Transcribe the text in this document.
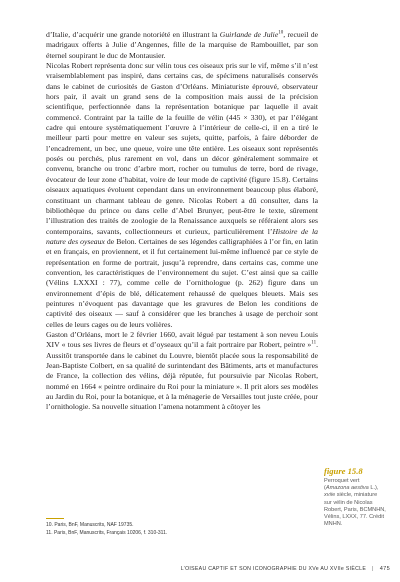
d’Italie, d’acquérir une grande notoriété en illustrant la Guirlande de Julie$^{10}$, recueil de madrigaux offerts à Julie d’Angennes, fille de la marquise de Rambouillet, par son éternel soupirant le duc de Montausier.

Nicolas Robert représenta donc sur vélin tous ces oiseaux pris sur le vif, même s’il n’est vraisemblablement pas inspiré, dans certains cas, de spécimens naturalisés conservés dans le cabinet de curiosités de Gaston d’Orléans. Miniaturiste éprouvé, observateur hors pair, il avait un grand sens de la composition mais aussi de la précision scientifique, perfectionnée dans la représentation botanique par laquelle il avait commencé. Contraint par la taille de la feuille de vélin (445 × 330), et par l’élégant cadre qui entoure systématiquement l’œuvre à l’intérieur de celle-ci, il en a tiré le meilleur parti pour mettre en valeur ses sujets, quitte, parfois, à faire déborder de l’encadrement, un bec, une queue, voire une tête entière. Les oiseaux sont représentés posés ou perchés, plus rarement en vol, dans un décor généralement sommaire et convenu, branche ou tronc d’arbre mort, rocher ou tumulus de terre, bord de rivage, évocateur de leur zone d’habitat, voire de leur mode de captivité (figure 15.8). Certains oiseaux aquatiques évoluent cependant dans un environnement beaucoup plus élaboré, constituant un charmant tableau de genre. Nicolas Robert a dû consulter, dans la bibliothèque du prince ou dans celle d’Abel Brunyer, peut-être le texte, sûrement l’illustration des traités de zoologie de la Renaissance auxquels se référaient alors ses contemporains, savants, collectionneurs et curieux, particulièrement l’Histoire de la nature des oyseaux de Belon. Certaines de ses légendes calligraphiées à l’or fin, en latin et en français, en proviennent, et il fut certainement lui-même influencé par ce style de représentation en forme de portrait, jusqu’à reprendre, dans certains cas, comme une convention, les caractéristiques de l’environnement du sujet. C’est ainsi que sa caille (Vélins LXXXI : 77), comme celle de l’ornithologue (p. 262) figure dans un environnement d’épis de blé, délicatement rehaussé de quelques bleuets. Mais ses peintures n’évoquent pas davantage que les gravures de Belon les conditions de captivité des oiseaux — sauf à considérer que les branches à usage de perchoir sont celles de leurs cages ou de leurs volières.

Gaston d’Orléans, mort le 2 février 1660, avait légué par testament à son neveu Louis XIV « tous ses livres de fleurs et d’oyseaux qu’il a fait portraire par Robert, peintre »$^{11}$. Aussitôt transportée dans le cabinet du Louvre, bientôt placée sous la responsabilité de Jean-Baptiste Colbert, en sa qualité de surintendant des Bâtiments, arts et manufactures de France, la collection des vélins, déjà réputée, fut poursuivie par Nicolas Robert, nommé en 1664 « peintre ordinaire du Roi pour la miniature ». Il prit alors ses modèles au Jardin du Roi, pour la botanique, et à la ménagerie de Versailles tout juste créée, pour l’ornithologie. Sa nouvelle situation l’amena notamment à côtoyer les

figure 15.8
Perroquet vert (Amazona aestiva L.), xviie siècle, miniature sur vélin de Nicolas Robert, Paris, BCMNHN, Vélins, LXXX, 77. Crédit MNHN.
10. Paris, BnF, Manuscrits, NAF 19735.
11. Paris, BnF, Manuscrits, Français 10206, f. 310-311.
L’OISEAU CAPTIF ET SON ICONOGRAPHIE DU XVe AU XVIIe SIÈCLE | 475
